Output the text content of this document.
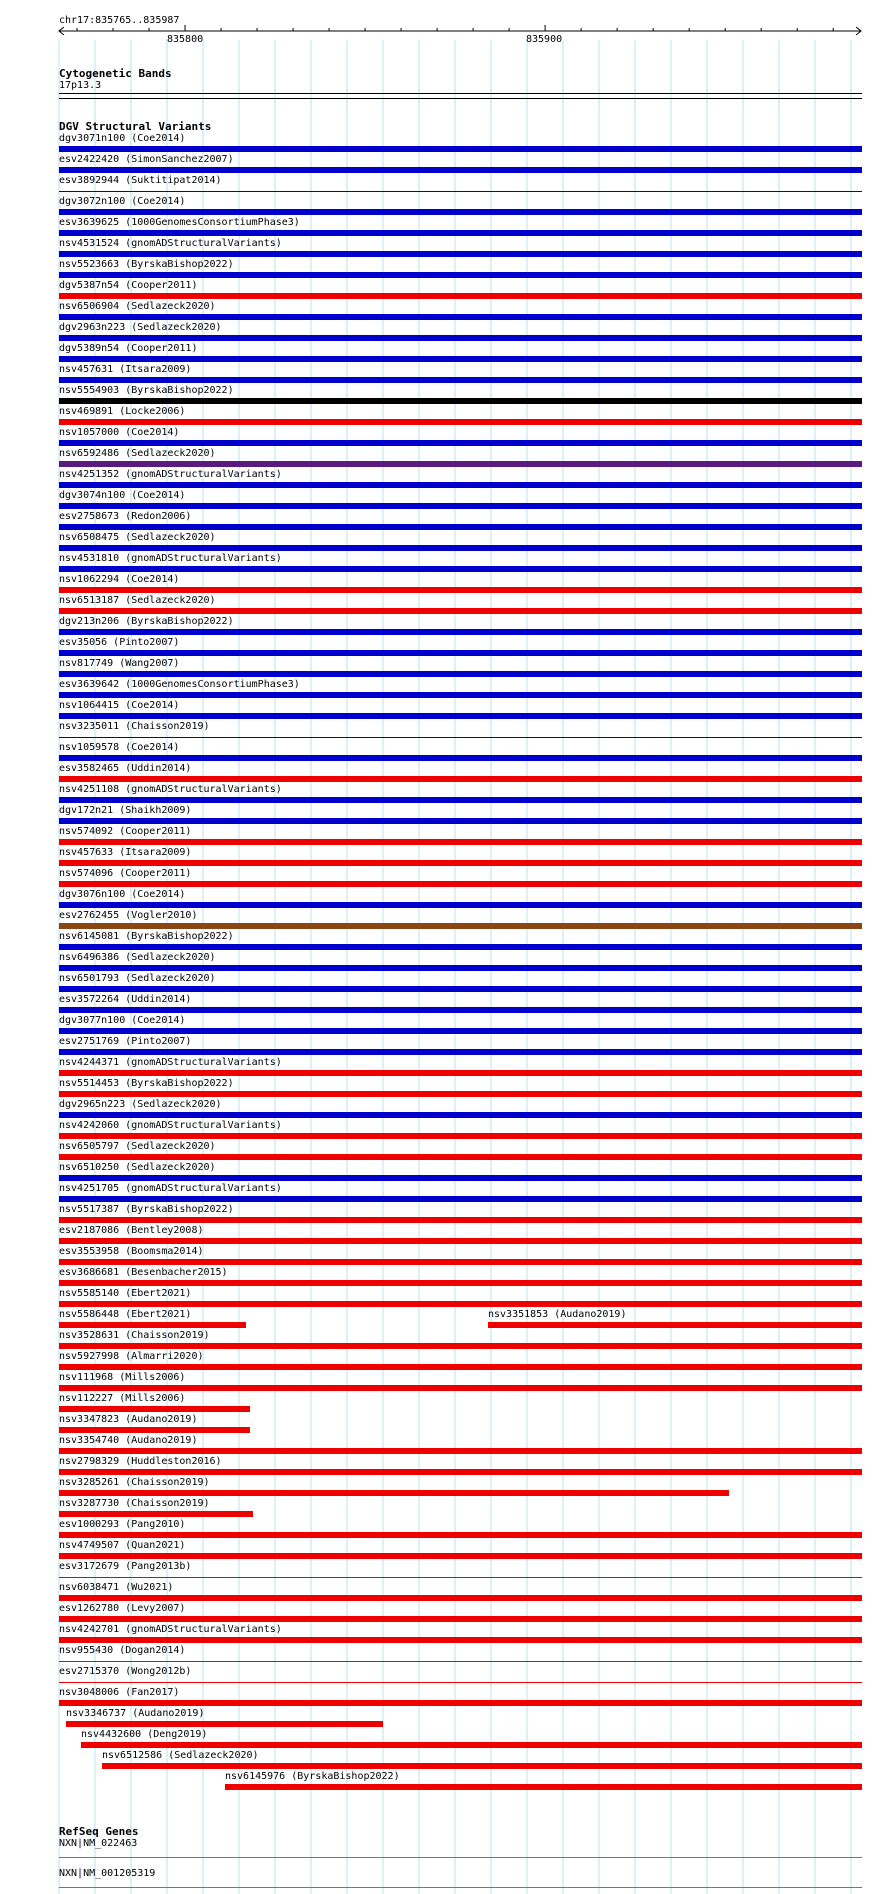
chr17:835765..835987
835800	835900
Cytogenetic Bands
17p13.3
DGV Structural Variants
dgv3071n100 (Coe2014)
esv2422420 (SimonSanchez2007)
esv3892944 (Suktitipat2014)
dgv3072n100 (Coe2014)
esv3639625 (1000GenomesConsortiumPhase3)
nsv4531524 (gnomADStructuralVariants)
nsv5523663 (ByrskaBishop2022)
dgv5387n54 (Cooper2011)
nsv6506904 (Sedlazeck2020)
dgv2963n223 (Sedlazeck2020)
dgv5389n54 (Cooper2011)
nsv457631 (Itsara2009)
nsv5554903 (ByrskaBishop2022)
nsv469891 (Locke2006)
nsv1057000 (Coe2014)
nsv6592486 (Sedlazeck2020)
nsv4251352 (gnomADStructuralVariants)
dgv3074n100 (Coe2014)
esv2758673 (Redon2006)
nsv6508475 (Sedlazeck2020)
nsv4531810 (gnomADStructuralVariants)
nsv1062294 (Coe2014)
nsv6513187 (Sedlazeck2020)
dgv213n206 (ByrskaBishop2022)
esv35056 (Pinto2007)
nsv817749 (Wang2007)
esv3639642 (1000GenomesConsortiumPhase3)
nsv1064415 (Coe2014)
nsv3235011 (Chaisson2019)
nsv1059578 (Coe2014)
esv3582465 (Uddin2014)
nsv4251108 (gnomADStructuralVariants)
dgv172n21 (Shaikh2009)
nsv574092 (Cooper2011)
nsv457633 (Itsara2009)
nsv574096 (Cooper2011)
dgv3076n100 (Coe2014)
esv2762455 (Vogler2010)
nsv6145081 (ByrskaBishop2022)
nsv6496386 (Sedlazeck2020)
nsv6501793 (Sedlazeck2020)
esv3572264 (Uddin2014)
dgv3077n100 (Coe2014)
esv2751769 (Pinto2007)
nsv4244371 (gnomADStructuralVariants)
nsv5514453 (ByrskaBishop2022)
dgv2965n223 (Sedlazeck2020)
nsv4242060 (gnomADStructuralVariants)
nsv6505797 (Sedlazeck2020)
nsv6510250 (Sedlazeck2020)
nsv4251705 (gnomADStructuralVariants)
nsv5517387 (ByrskaBishop2022)
esv2187086 (Bentley2008)
esv3553958 (Boomsma2014)
esv3686681 (Besenbacher2015)
nsv5585140 (Ebert2021)
nsv5586448 (Ebert2021)	nsv3351853 (Audano2019)
nsv3528631 (Chaisson2019)
nsv5927998 (Almarri2020)
nsv111968 (Mills2006)
nsv112227 (Mills2006)
nsv3347823 (Audano2019)
nsv3354740 (Audano2019)
nsv2798329 (Huddleston2016)
nsv3285261 (Chaisson2019)
nsv3287730 (Chaisson2019)
esv1000293 (Pang2010)
nsv4749507 (Quan2021)
esv3172679 (Pang2013b)
nsv6038471 (Wu2021)
esv1262780 (Levy2007)
nsv4242701 (gnomADStructuralVariants)
nsv955430 (Dogan2014)
esv2715370 (Wong2012b)
nsv3048006 (Fan2017)
nsv3346737 (Audano2019)
nsv4432600 (Deng2019)
nsv6512586 (Sedlazeck2020)
nsv6145976 (ByrskaBishop2022)
RefSeq Genes
NXN|NM_022463
NXN|NM_001205319
